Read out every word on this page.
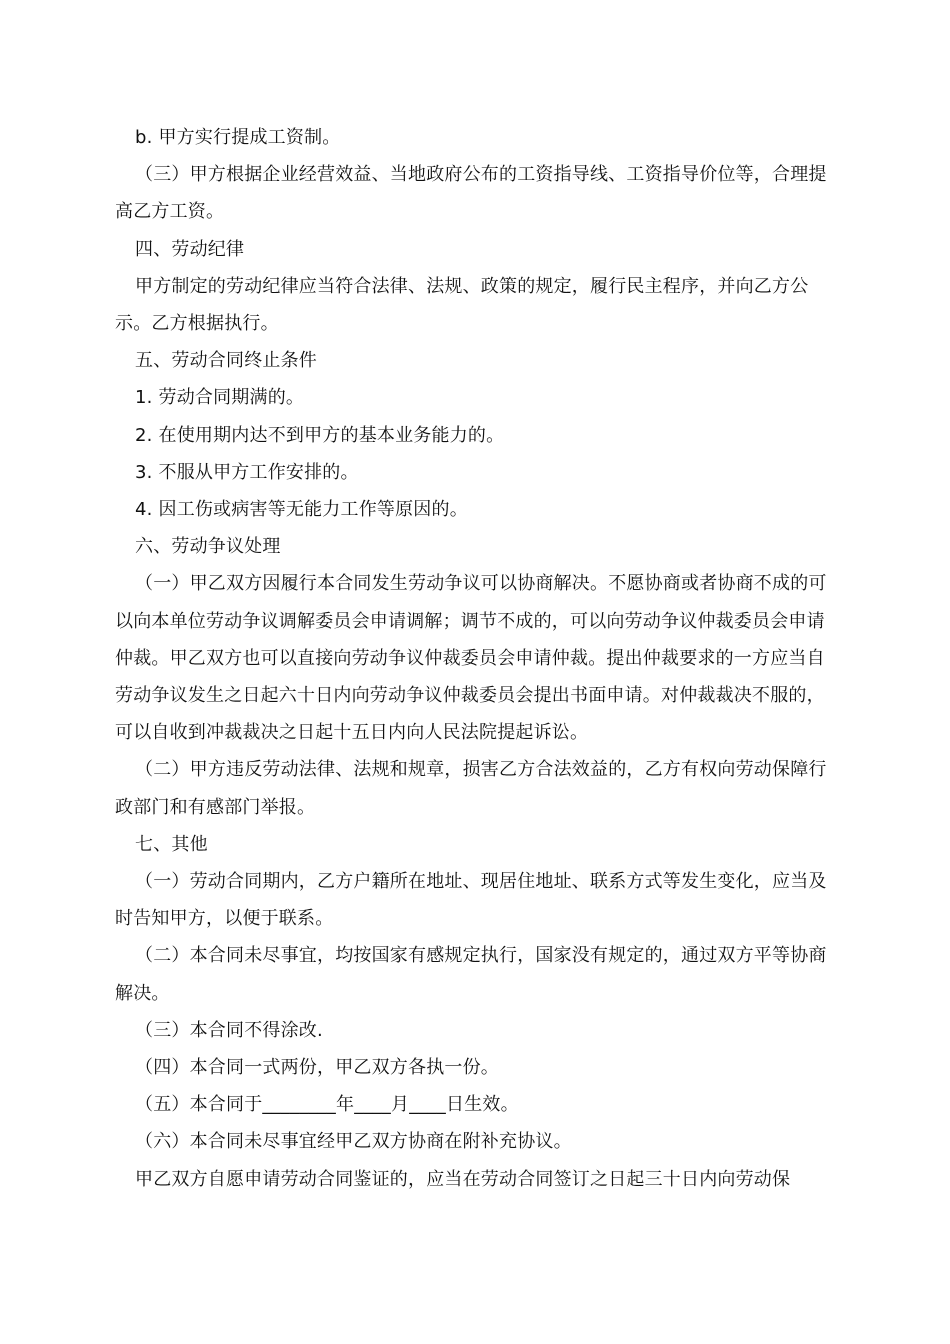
b. 甲方实行提成工资制。

（三）甲方根据企业经营效益、当地政府公布的工资指导线、工资指导价位等，合理提高乙方工资。

四、劳动纪律

甲方制定的劳动纪律应当符合法律、法规、政策的规定，履行民主程序，并向乙方公示。乙方根据执行。

五、劳动合同终止条件

1. 劳动合同期满的。

2. 在使用期内达不到甲方的基本业务能力的。

3. 不服从甲方工作安排的。

4. 因工伤或病害等无能力工作等原因的。

六、劳动争议处理

（一）甲乙双方因履行本合同发生劳动争议可以协商解决。不愿协商或者协商不成的可以向本单位劳动争议调解委员会申请调解；调节不成的，可以向劳动争议仲裁委员会申请仲裁。甲乙双方也可以直接向劳动争议仲裁委员会申请仲裁。提出仲裁要求的一方应当自劳动争议发生之日起六十日内向劳动争议仲裁委员会提出书面申请。对仲裁裁决不服的，可以自收到冲裁裁决之日起十五日内向人民法院提起诉讼。

（二）甲方违反劳动法律、法规和规章，损害乙方合法效益的，乙方有权向劳动保障行政部门和有感部门举报。

七、其他

（一）劳动合同期内，乙方户籍所在地址、现居住地址、联系方式等发生变化，应当及时告知甲方，以便于联系。

（二）本合同未尽事宜，均按国家有感规定执行，国家没有规定的，通过双方平等协商解决。

（三）本合同不得涂改.

（四）本合同一式两份，甲乙双方各执一份。

（五）本合同于________年____月____日生效。

（六）本合同未尽事宜经甲乙双方协商在附补充协议。

甲乙双方自愿申请劳动合同鉴证的，应当在劳动合同签订之日起三十日内向劳动保
